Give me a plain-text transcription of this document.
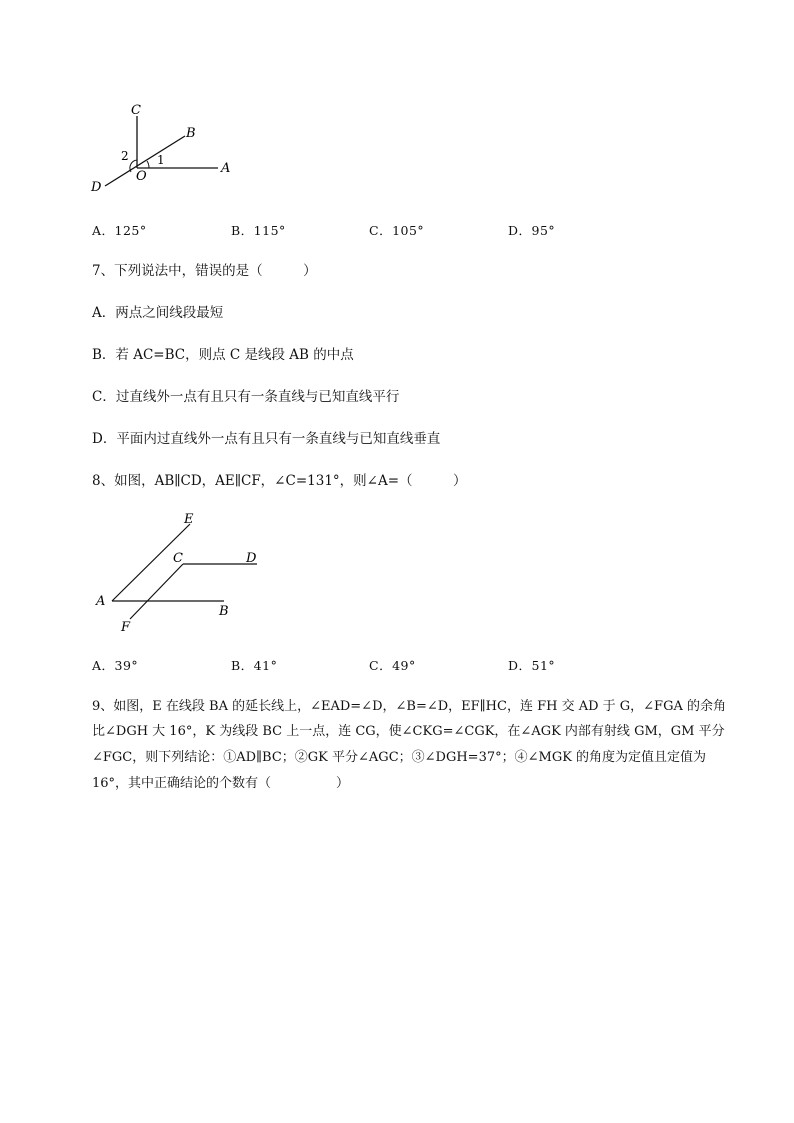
C
B
A
D
O
1
2
A．125°	B．115°	C．105°	D．95°
7、下列说法中，错误的是（　　　）
A．两点之间线段最短
B．若 AC=BC，则点 C 是线段 AB 的中点
C．过直线外一点有且只有一条直线与已知直线平行
D．平面内过直线外一点有且只有一条直线与已知直线垂直
8、如图，AB∥CD，AE∥CF，∠C=131°，则∠A=（　　　）
E
C	D
A
B
F
A．39°	B．41°	C．49°	D．51°
9、如图，E 在线段 BA 的延长线上，∠EAD=∠D，∠B=∠D，EF∥HC，连 FH 交 AD 于 G，∠FGA 的余角
比∠DGH 大 16°，K 为线段 BC 上一点，连 CG，使∠CKG=∠CGK，在∠AGK 内部有射线 GM，GM 平分
∠FGC，则下列结论：①AD∥BC；②GK 平分∠AGC；③∠DGH=37°；④∠MGK 的角度为定值且定值为
16°，其中正确结论的个数有（　　　　　）
